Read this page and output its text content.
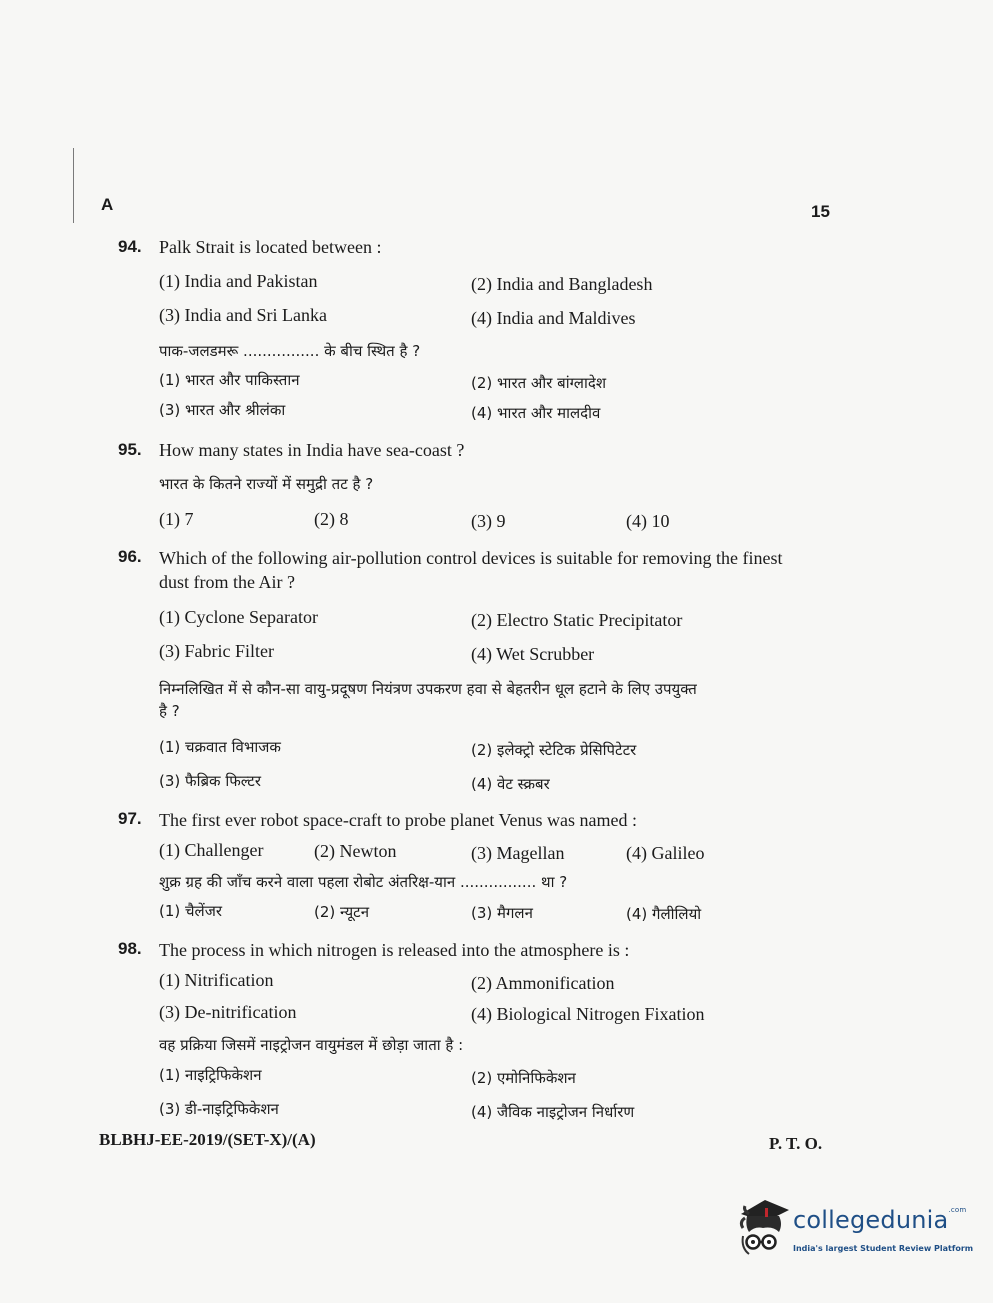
A	15
94. Palk Strait is located between :
(1) India and Pakistan	(2) India and Bangladesh
(3) India and Sri Lanka	(4) India and Maldives
पाक-जलडमरू ................ के बीच स्थित है ?
(1) भारत और पाकिस्तान	(2) भारत और बांग्लादेश
(3) भारत और श्रीलंका	(4) भारत और मालदीव
95. How many states in India have sea-coast ?
भारत के कितने राज्यों में समुद्री तट है ?
(1) 7	(2) 8	(3) 9	(4) 10
96. Which of the following air-pollution control devices is suitable for removing the finest
dust from the Air ?
(1) Cyclone Separator	(2) Electro Static Precipitator
(3) Fabric Filter	(4) Wet Scrubber
निम्नलिखित में से कौन-सा वायु-प्रदूषण नियंत्रण उपकरण हवा से बेहतरीन धूल हटाने के लिए उपयुक्त
है ?
(1) चक्रवात विभाजक	(2) इलेक्ट्रो स्टेटिक प्रेसिपिटेटर
(3) फैब्रिक फिल्टर	(4) वेट स्क्रबर
97. The first ever robot space-craft to probe planet Venus was named :
(1) Challenger	(2) Newton	(3) Magellan	(4) Galileo
शुक्र ग्रह की जाँच करने वाला पहला रोबोट अंतरिक्ष-यान ................ था ?
(1) चैलेंजर	(2) न्यूटन	(3) मैगलन	(4) गैलीलियो
98. The process in which nitrogen is released into the atmosphere is :
(1) Nitrification	(2) Ammonification
(3) De-nitrification	(4) Biological Nitrogen Fixation
वह प्रक्रिया जिसमें नाइट्रोजन वायुमंडल में छोड़ा जाता है :
(1) नाइट्रिफिकेशन	(2) एमोनिफिकेशन
(3) डी-नाइट्रिफिकेशन	(4) जैविक नाइट्रोजन निर्धारण
BLBHJ-EE-2019/(SET-X)/(A)	P. T. O.
collegedunia$^{.com}$
India's largest Student Review Platform
